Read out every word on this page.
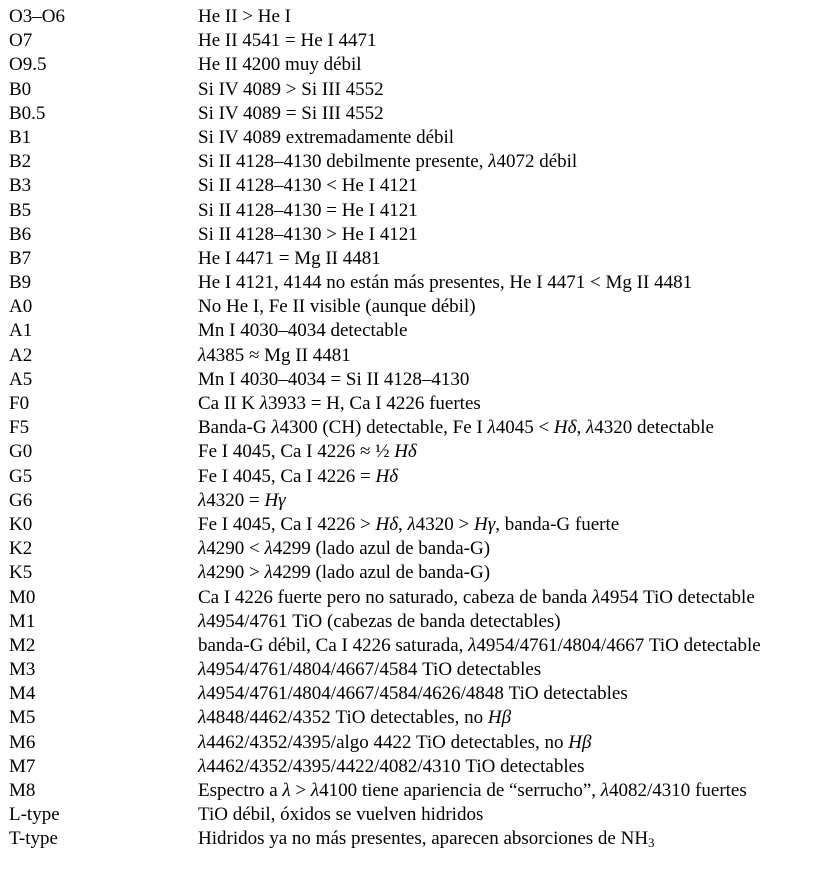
O3–O6	He II > He I
O7	He II 4541 = He I 4471
O9.5	He II 4200 muy débil
B0	Si IV 4089 > Si III 4552
B0.5	Si IV 4089 = Si III 4552
B1	Si IV 4089 extremadamente débil
B2	Si II 4128–4130 debilmente presente, λ4072 débil
B3	Si II 4128–4130 < He I 4121
B5	Si II 4128–4130 = He I 4121
B6	Si II 4128–4130 > He I 4121
B7	He I 4471 = Mg II 4481
B9	He I 4121, 4144 no están más presentes, He I 4471 < Mg II 4481
A0	No He I, Fe II visible (aunque débil)
A1	Mn I 4030–4034 detectable
A2	λ4385 ≈ Mg II 4481
A5	Mn I 4030–4034 = Si II 4128–4130
F0	Ca II K λ3933 = H, Ca I 4226 fuertes
F5	Banda-G λ4300 (CH) detectable, Fe I λ4045 < Hδ, λ4320 detectable
G0	Fe I 4045, Ca I 4226 ≈ ½ Hδ
G5	Fe I 4045, Ca I 4226 = Hδ
G6	λ4320 = Hγ
K0	Fe I 4045, Ca I 4226 > Hδ, λ4320 > Hγ, banda-G fuerte
K2	λ4290 < λ4299 (lado azul de banda-G)
K5	λ4290 > λ4299 (lado azul de banda-G)
M0	Ca I 4226 fuerte pero no saturado, cabeza de banda λ4954 TiO detectable
M1	λ4954/4761 TiO (cabezas de banda detectables)
M2	banda-G débil, Ca I 4226 saturada, λ4954/4761/4804/4667 TiO detectable
M3	λ4954/4761/4804/4667/4584 TiO detectables
M4	λ4954/4761/4804/4667/4584/4626/4848 TiO detectables
M5	λ4848/4462/4352 TiO detectables, no Hβ
M6	λ4462/4352/4395/algo 4422 TiO detectables, no Hβ
M7	λ4462/4352/4395/4422/4082/4310 TiO detectables
M8	Espectro a λ > λ4100 tiene apariencia de “serrucho”, λ4082/4310 fuertes
L-type	TiO débil, óxidos se vuelven hidridos
T-type	Hidridos ya no más presentes, aparecen absorciones de $NH_3$
